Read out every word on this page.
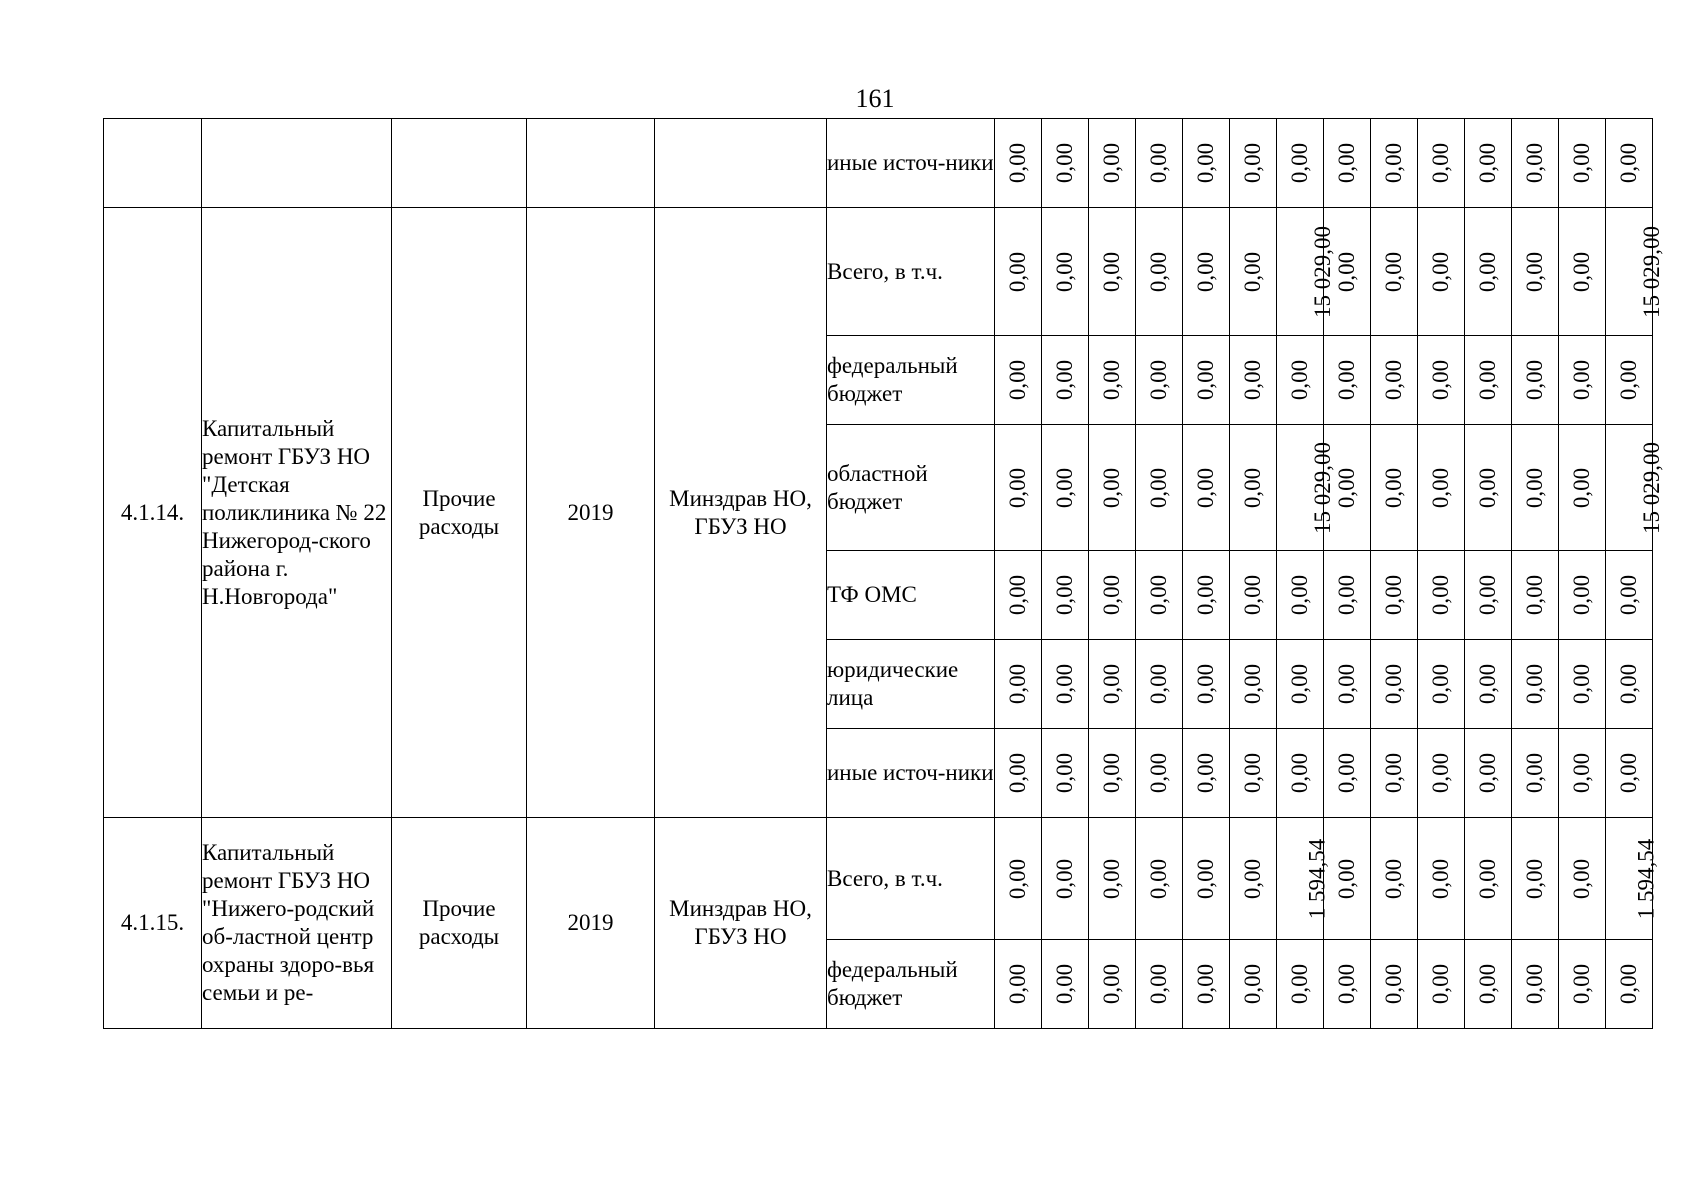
161
					иные источ-ники	0,00	0,00	0,00	0,00	0,00	0,00	0,00	0,00	0,00	0,00	0,00	0,00	0,00	0,00
4.1.14.	Капитальный ремонт ГБУЗ НО "Детская поликлиника № 22 Нижегород-ского района г. Н.Новгорода"	Прочие расходы	2019	Минздрав НО, ГБУЗ НО	Всего, в т.ч.	0,00	0,00	0,00	0,00	0,00	0,00	15 029,00	0,00	0,00	0,00	0,00	0,00	0,00	15 029,00
					федеральный бюджет	0,00	0,00	0,00	0,00	0,00	0,00	0,00	0,00	0,00	0,00	0,00	0,00	0,00	0,00
					областной бюджет	0,00	0,00	0,00	0,00	0,00	0,00	15 029,00	0,00	0,00	0,00	0,00	0,00	0,00	15 029,00
					ТФ ОМС	0,00	0,00	0,00	0,00	0,00	0,00	0,00	0,00	0,00	0,00	0,00	0,00	0,00	0,00
					юридические лица	0,00	0,00	0,00	0,00	0,00	0,00	0,00	0,00	0,00	0,00	0,00	0,00	0,00	0,00
					иные источ-ники	0,00	0,00	0,00	0,00	0,00	0,00	0,00	0,00	0,00	0,00	0,00	0,00	0,00	0,00
4.1.15.	Капитальный ремонт ГБУЗ НО "Нижего-родский об-ластной центр охраны здоро-вья семьи и ре-	Прочие расходы	2019	Минздрав НО, ГБУЗ НО	Всего, в т.ч.	0,00	0,00	0,00	0,00	0,00	0,00	1 594,54	0,00	0,00	0,00	0,00	0,00	0,00	1 594,54
					федеральный бюджет	0,00	0,00	0,00	0,00	0,00	0,00	0,00	0,00	0,00	0,00	0,00	0,00	0,00	0,00
